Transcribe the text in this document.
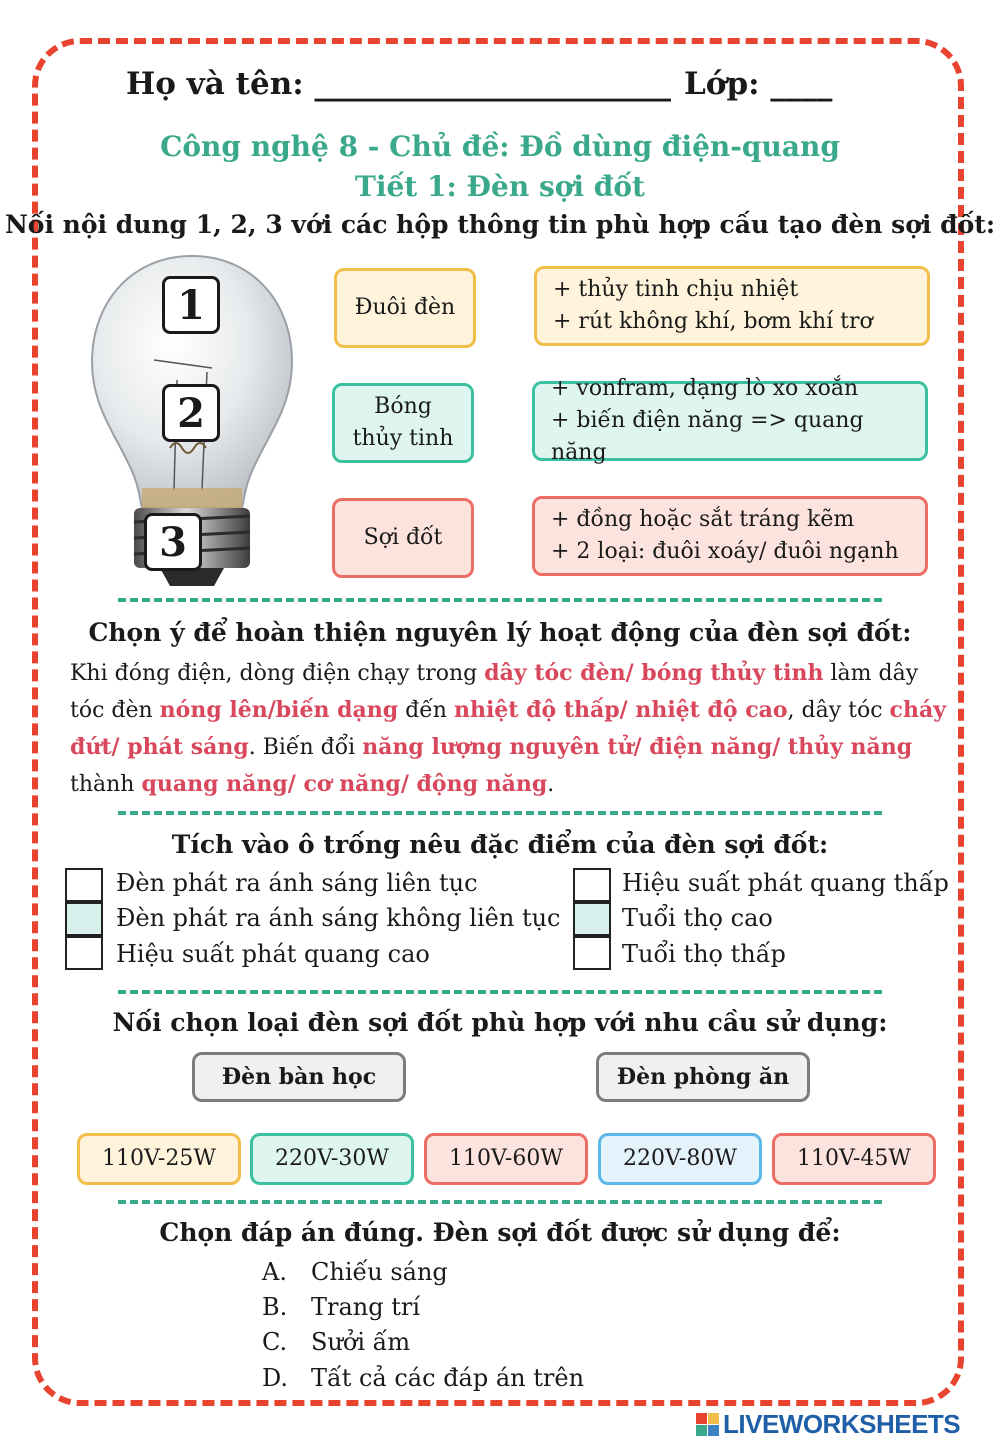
Họ và tên: _______________________ Lớp: ____
Công nghệ 8 - Chủ đề: Đồ dùng điện-quang
Tiết 1: Đèn sợi đốt
Nối nội dung 1, 2, 3 với các hộp thông tin phù hợp cấu tạo đèn sợi đốt:
1
2
3
Đuôi đèn
Bóng
thủy tinh
Sợi đốt
+ thủy tinh chịu nhiệt
+ rút không khí, bơm khí trơ
+ vonfram, dạng lò xo xoắn
+ biến điện năng => quang năng
+ đồng hoặc sắt tráng kẽm
+ 2 loại: đuôi xoáy/ đuôi ngạnh
Chọn ý để hoàn thiện nguyên lý hoạt động của đèn sợi đốt:
Khi đóng điện, dòng điện chạy trong dây tóc đèn/ bóng thủy tinh làm dây tóc đèn nóng lên/biến dạng đến nhiệt độ thấp/ nhiệt độ cao, dây tóc cháy đứt/ phát sáng. Biến đổi năng lượng nguyên tử/ điện năng/ thủy năng thành quang năng/ cơ năng/ động năng.
Tích vào ô trống nêu đặc điểm của đèn sợi đốt:
Đèn phát ra ánh sáng liên tục
Đèn phát ra ánh sáng không liên tục
Hiệu suất phát quang cao
Hiệu suất phát quang thấp
Tuổi thọ cao
Tuổi thọ thấp
Nối chọn loại đèn sợi đốt phù hợp với nhu cầu sử dụng:
Đèn bàn học	Đèn phòng ăn
110V-25W	220V-30W	110V-60W	220V-80W	110V-45W
Chọn đáp án đúng. Đèn sợi đốt được sử dụng để:
A. Chiếu sáng
B. Trang trí
C. Sưởi ấm
D. Tất cả các đáp án trên
LIVEWORKSHEETS
